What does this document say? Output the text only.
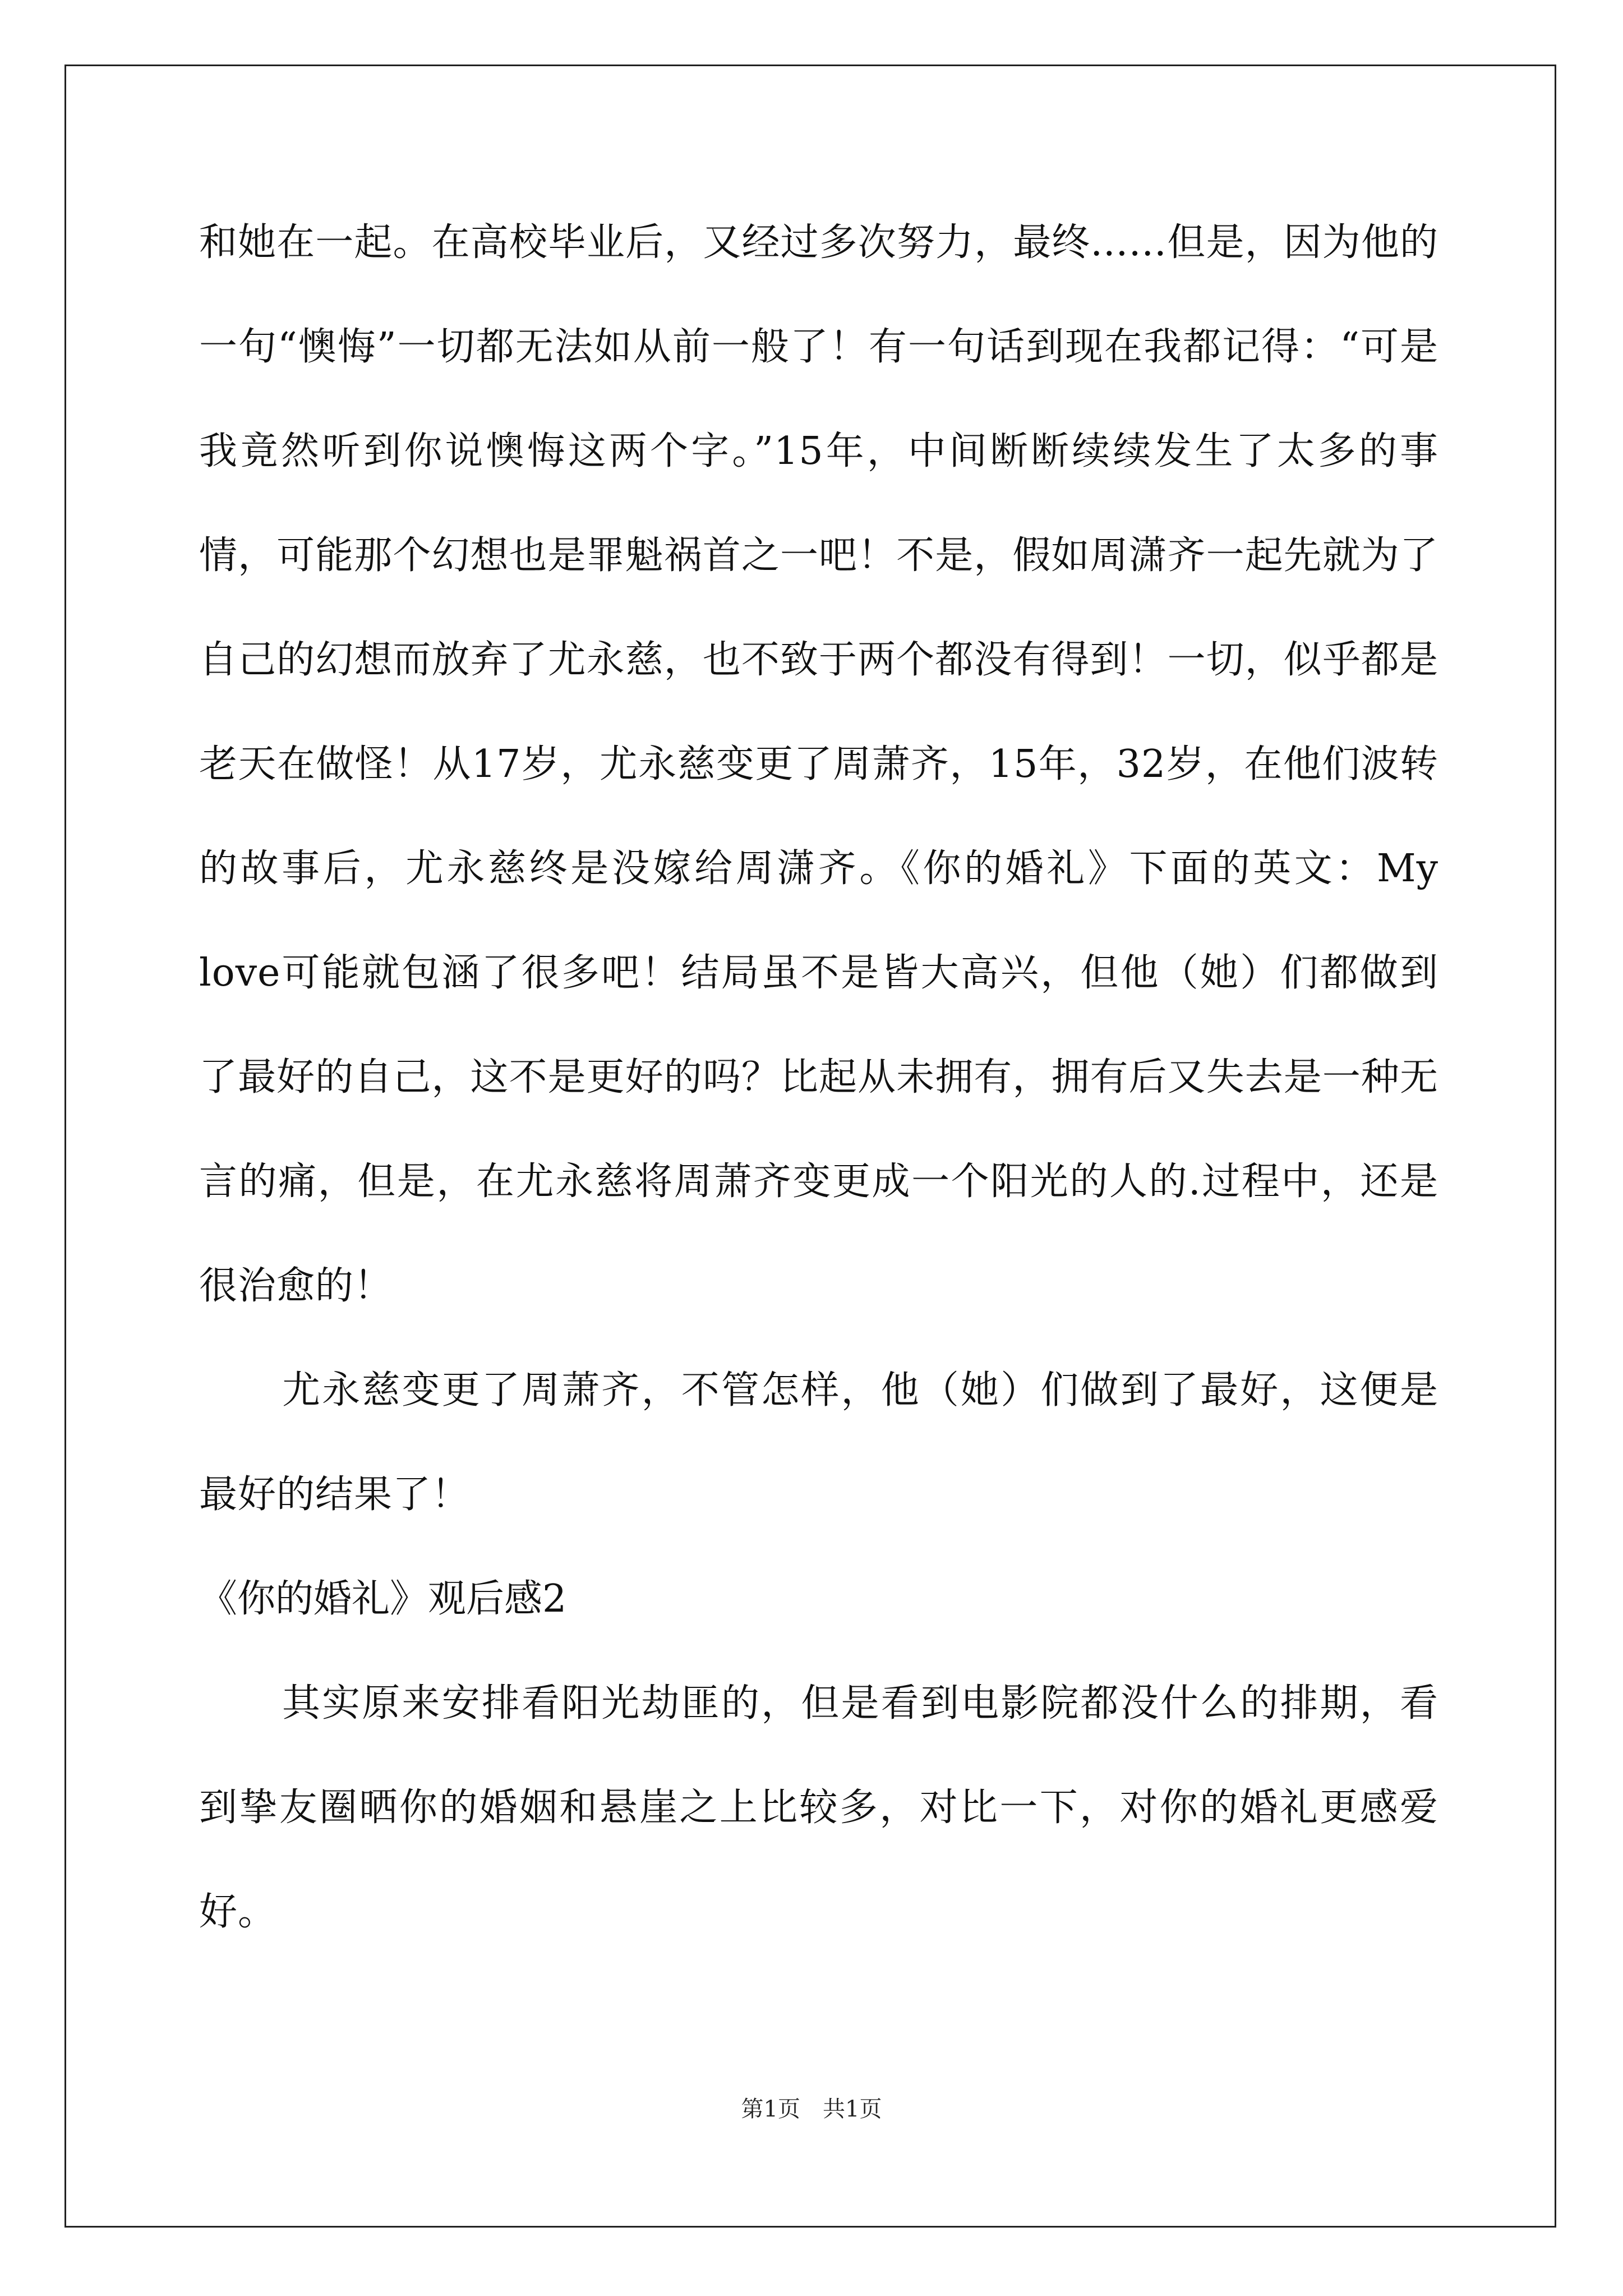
和她在一起。在高校毕业后，又经过多次努力，最终...…但是，因为他的一句“懊悔”一切都无法如从前一般了！有一句话到现在我都记得：“可是我竟然听到你说懊悔这两个字。”15年，中间断断续续发生了太多的事情，可能那个幻想也是罪魁祸首之一吧！不是，假如周潇齐一起先就为了自己的幻想而放弃了尤永慈，也不致于两个都没有得到！一切，似乎都是老天在做怪！从17岁，尤永慈变更了周萧齐，15年，32岁，在他们波转的故事后，尤永慈终是没嫁给周潇齐。《你的婚礼》下面的英文：My love可能就包涵了很多吧！结局虽不是皆大高兴，但他（她）们都做到了最好的自己，这不是更好的吗？比起从未拥有，拥有后又失去是一种无言的痛，但是，在尤永慈将周萧齐变更成一个阳光的人的.过程中，还是很治愈的！

尤永慈变更了周萧齐，不管怎样，他（她）们做到了最好，这便是最好的结果了！

《你的婚礼》观后感2

其实原来安排看阳光劫匪的，但是看到电影院都没什么的排期，看到挚友圈晒你的婚姻和悬崖之上比较多，对比一下，对你的婚礼更感爱好。

第1页　共1页
